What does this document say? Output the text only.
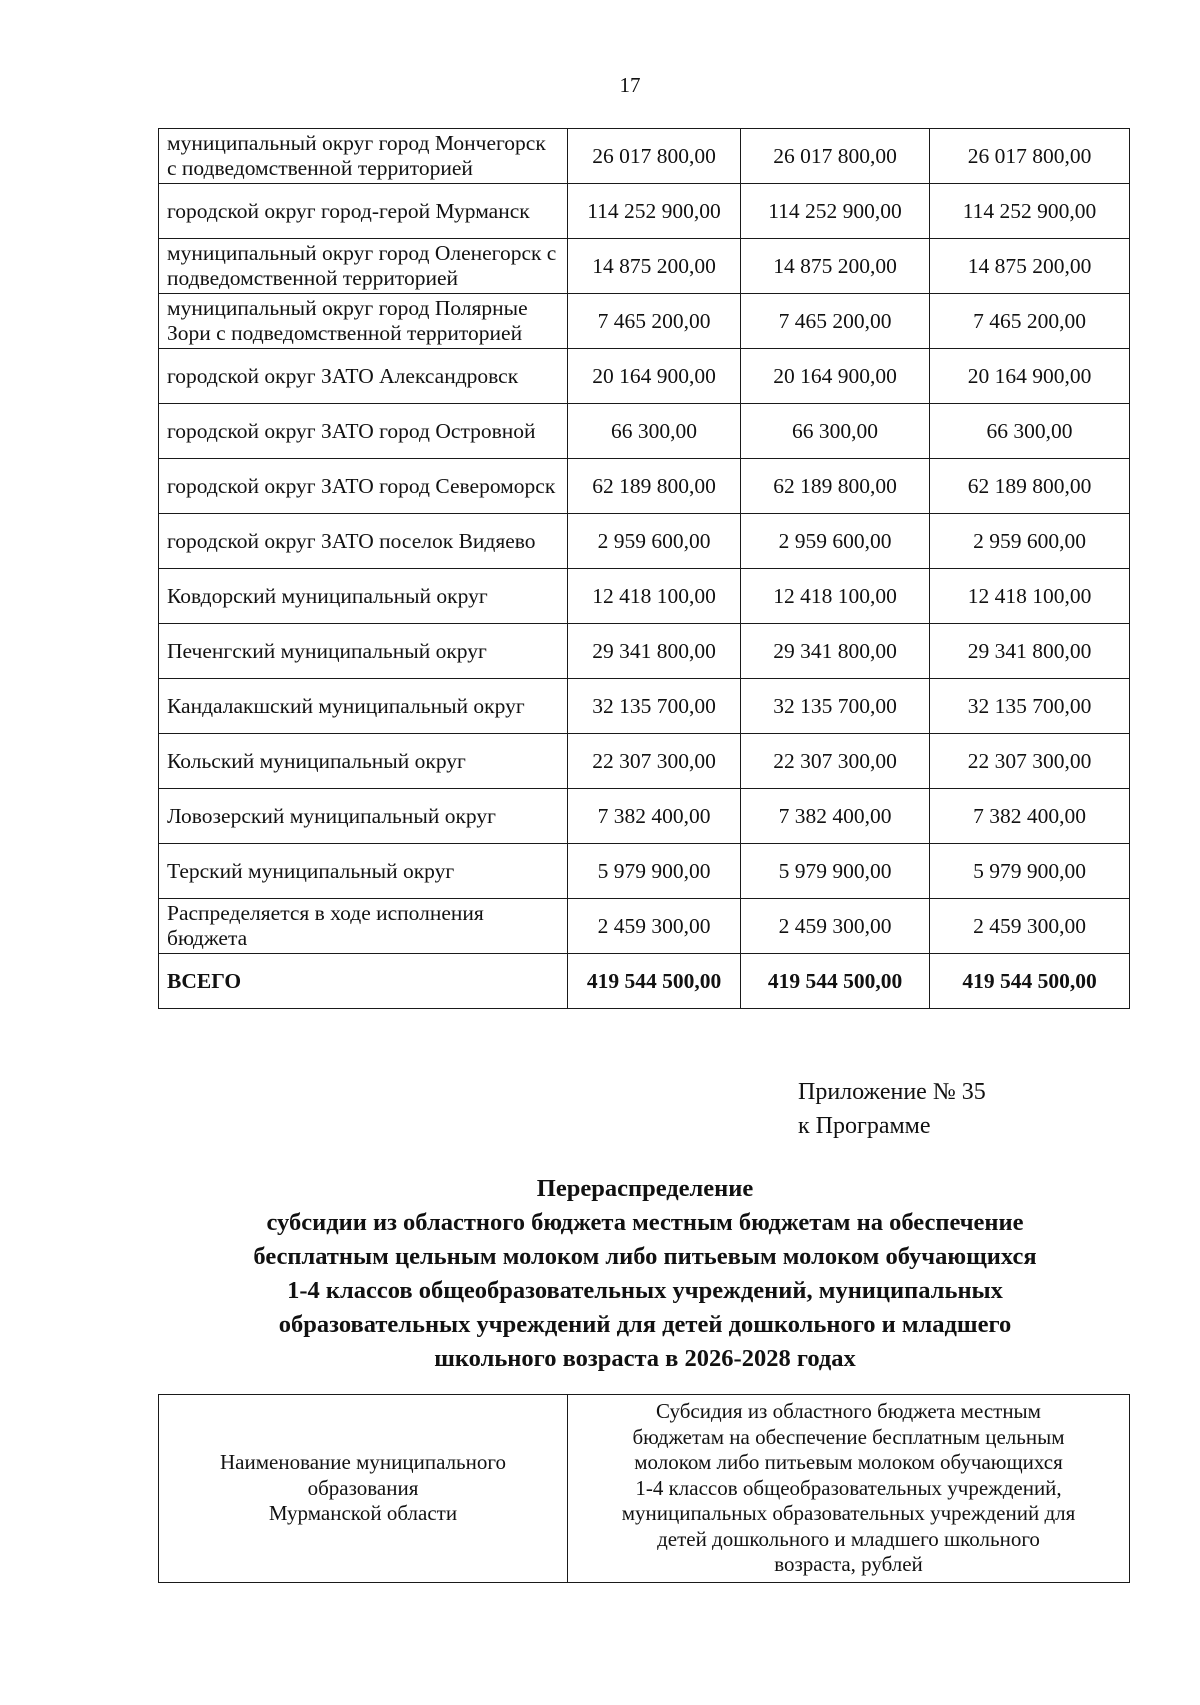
17
муниципальный округ город Мончегорск с подведомственной территорией	26 017 800,00	26 017 800,00	26 017 800,00
городской округ город-герой Мурманск	114 252 900,00	114 252 900,00	114 252 900,00
муниципальный округ город Оленегорск с подведомственной территорией	14 875 200,00	14 875 200,00	14 875 200,00
муниципальный округ город Полярные Зори с подведомственной территорией	7 465 200,00	7 465 200,00	7 465 200,00
городской округ ЗАТО Александровск	20 164 900,00	20 164 900,00	20 164 900,00
городской округ ЗАТО город Островной	66 300,00	66 300,00	66 300,00
городской округ ЗАТО город Североморск	62 189 800,00	62 189 800,00	62 189 800,00
городской округ ЗАТО поселок Видяево	2 959 600,00	2 959 600,00	2 959 600,00
Ковдорский муниципальный округ	12 418 100,00	12 418 100,00	12 418 100,00
Печенгский муниципальный округ	29 341 800,00	29 341 800,00	29 341 800,00
Кандалакшский муниципальный округ	32 135 700,00	32 135 700,00	32 135 700,00
Кольский муниципальный округ	22 307 300,00	22 307 300,00	22 307 300,00
Ловозерский муниципальный округ	7 382 400,00	7 382 400,00	7 382 400,00
Терский муниципальный округ	5 979 900,00	5 979 900,00	5 979 900,00
Распределяется в ходе исполнения бюджета	2 459 300,00	2 459 300,00	2 459 300,00
ВСЕГО	419 544 500,00	419 544 500,00	419 544 500,00
Приложение № 35
к Программе
Перераспределение
субсидии из областного бюджета местным бюджетам на обеспечение
бесплатным цельным молоком либо питьевым молоком обучающихся
1-4 классов общеобразовательных учреждений, муниципальных
образовательных учреждений для детей дошкольного и младшего
школьного возраста в 2026-2028 годах
Наименование муниципального
образования
Мурманской области

Субсидия из областного бюджета местным
бюджетам на обеспечение бесплатным цельным
молоком либо питьевым молоком обучающихся
1-4 классов общеобразовательных учреждений,
муниципальных образовательных учреждений для
детей дошкольного и младшего школьного
возраста, рублей
